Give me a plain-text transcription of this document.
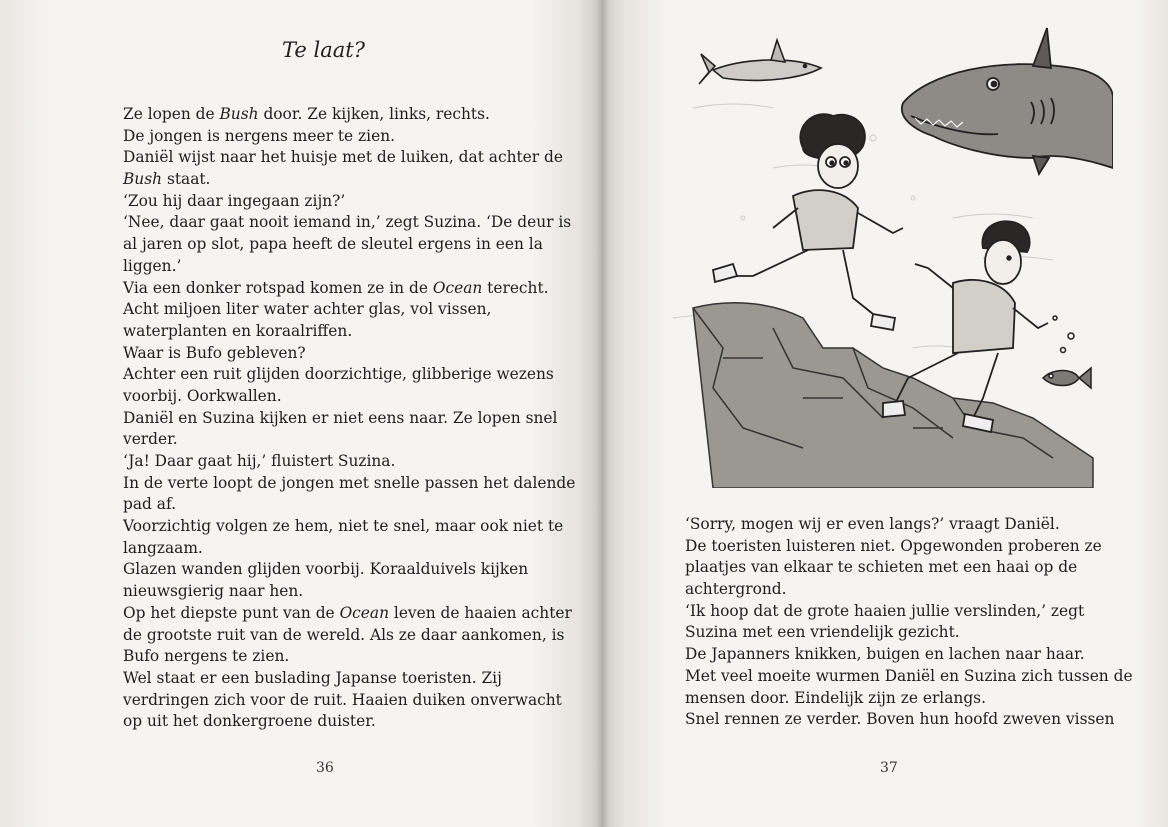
Te laat?
Ze lopen de Bush door. Ze kijken, links, rechts.
De jongen is nergens meer te zien.
Daniël wijst naar het huisje met de luiken, dat achter de
Bush staat.
‘Zou hij daar ingegaan zijn?’
‘Nee, daar gaat nooit iemand in,’ zegt Suzina. ‘De deur is
al jaren op slot, papa heeft de sleutel ergens in een la
liggen.’
Via een donker rotspad komen ze in de Ocean terecht.
Acht miljoen liter water achter glas, vol vissen,
waterplanten en koraalriffen.
Waar is Bufo gebleven?
Achter een ruit glijden doorzichtige, glibberige wezens
voorbij. Oorkwallen.
Daniël en Suzina kijken er niet eens naar. Ze lopen snel
verder.
‘Ja! Daar gaat hij,’ fluistert Suzina.
In de verte loopt de jongen met snelle passen het dalende
pad af.
Voorzichtig volgen ze hem, niet te snel, maar ook niet te
langzaam.
Glazen wanden glijden voorbij. Koraalduivels kijken
nieuwsgierig naar hen.
Op het diepste punt van de Ocean leven de haaien achter
de grootste ruit van de wereld. Als ze daar aankomen, is
Bufo nergens te zien.
Wel staat er een buslading Japanse toeristen. Zij
verdringen zich voor de ruit. Haaien duiken onverwacht
op uit het donkergroene duister.
36
‘Sorry, mogen wij er even langs?’ vraagt Daniël.
De toeristen luisteren niet. Opgewonden proberen ze
plaatjes van elkaar te schieten met een haai op de
achtergrond.
‘Ik hoop dat de grote haaien jullie verslinden,’ zegt
Suzina met een vriendelijk gezicht.
De Japanners knikken, buigen en lachen naar haar.
Met veel moeite wurmen Daniël en Suzina zich tussen de
mensen door. Eindelijk zijn ze erlangs.
Snel rennen ze verder. Boven hun hoofd zweven vissen
37
